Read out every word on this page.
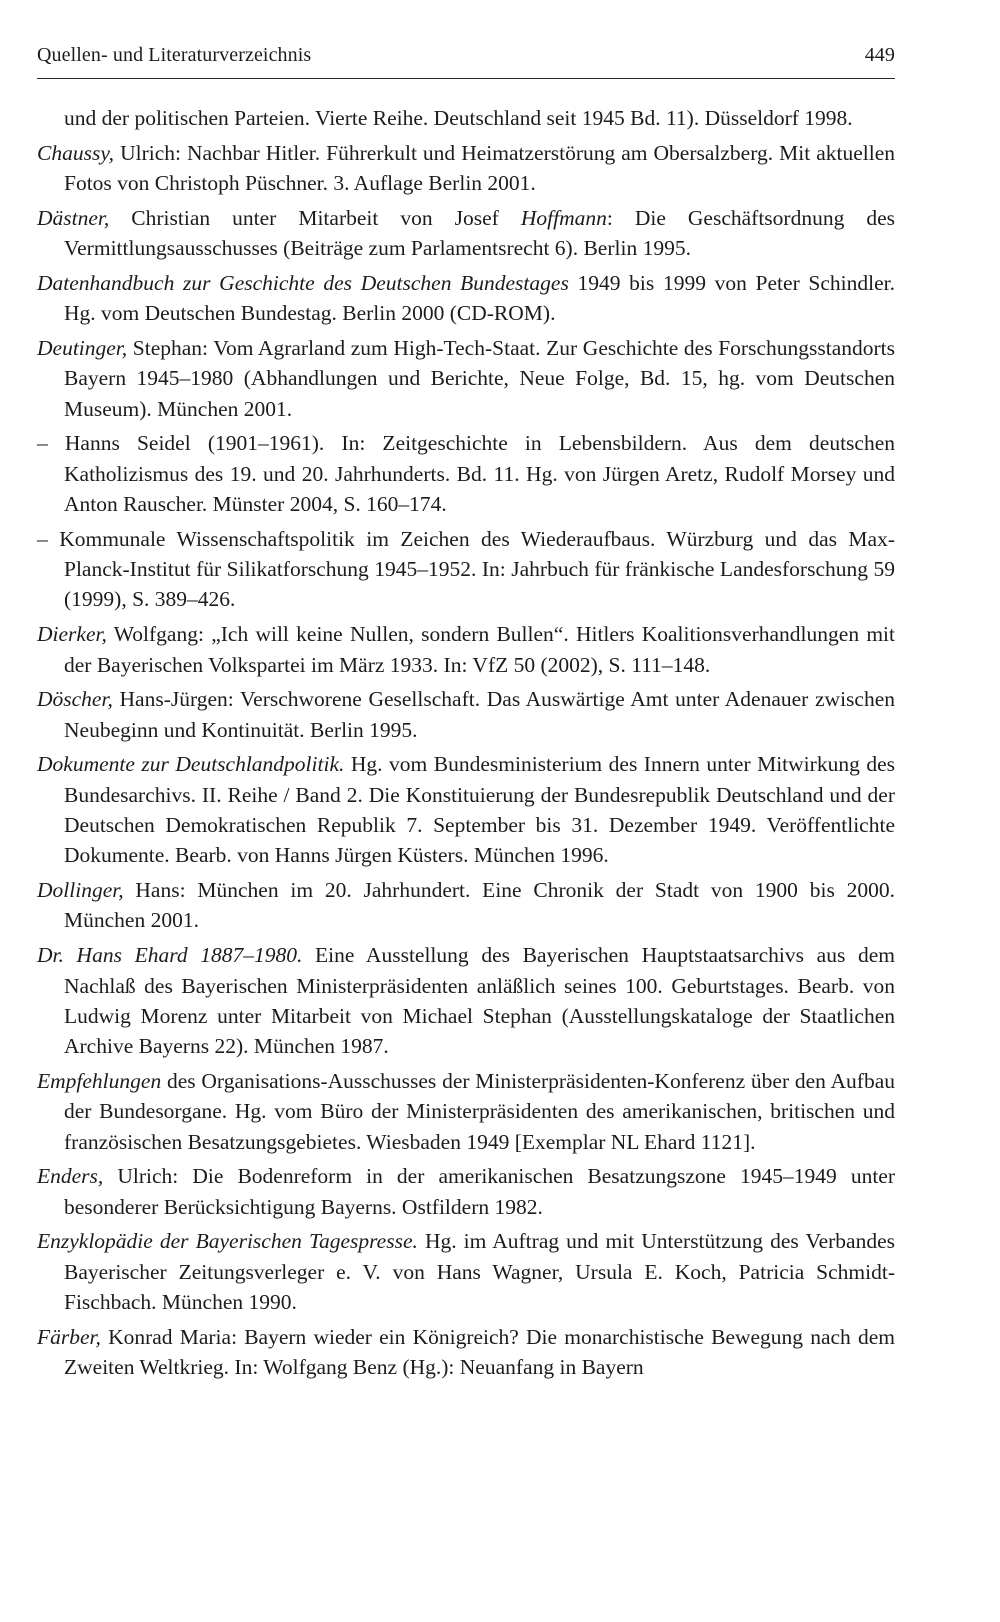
Quellen- und Literaturverzeichnis	449

und der politischen Parteien. Vierte Reihe. Deutschland seit 1945 Bd. 11). Düsseldorf 1998.

Chaussy, Ulrich: Nachbar Hitler. Führerkult und Heimatzerstörung am Obersalzberg. Mit aktuellen Fotos von Christoph Püschner. 3. Auflage Berlin 2001.

Dästner, Christian unter Mitarbeit von Josef Hoffmann: Die Geschäftsordnung des Vermittlungsausschusses (Beiträge zum Parlamentsrecht 6). Berlin 1995.

Datenhandbuch zur Geschichte des Deutschen Bundestages 1949 bis 1999 von Peter Schindler. Hg. vom Deutschen Bundestag. Berlin 2000 (CD-ROM).

Deutinger, Stephan: Vom Agrarland zum High-Tech-Staat. Zur Geschichte des Forschungsstandorts Bayern 1945–1980 (Abhandlungen und Berichte, Neue Folge, Bd. 15, hg. vom Deutschen Museum). München 2001.

– Hanns Seidel (1901–1961). In: Zeitgeschichte in Lebensbildern. Aus dem deutschen Katholizismus des 19. und 20. Jahrhunderts. Bd. 11. Hg. von Jürgen Aretz, Rudolf Morsey und Anton Rauscher. Münster 2004, S. 160–174.

– Kommunale Wissenschaftspolitik im Zeichen des Wiederaufbaus. Würzburg und das Max-Planck-Institut für Silikatforschung 1945–1952. In: Jahrbuch für fränkische Landesforschung 59 (1999), S. 389–426.

Dierker, Wolfgang: „Ich will keine Nullen, sondern Bullen“. Hitlers Koalitionsverhandlungen mit der Bayerischen Volkspartei im März 1933. In: VfZ 50 (2002), S. 111–148.

Döscher, Hans-Jürgen: Verschworene Gesellschaft. Das Auswärtige Amt unter Adenauer zwischen Neubeginn und Kontinuität. Berlin 1995.

Dokumente zur Deutschlandpolitik. Hg. vom Bundesministerium des Innern unter Mitwirkung des Bundesarchivs. II. Reihe / Band 2. Die Konstituierung der Bundesrepublik Deutschland und der Deutschen Demokratischen Republik 7. September bis 31. Dezember 1949. Veröffentlichte Dokumente. Bearb. von Hanns Jürgen Küsters. München 1996.

Dollinger, Hans: München im 20. Jahrhundert. Eine Chronik der Stadt von 1900 bis 2000. München 2001.

Dr. Hans Ehard 1887–1980. Eine Ausstellung des Bayerischen Hauptstaatsarchivs aus dem Nachlaß des Bayerischen Ministerpräsidenten anläßlich seines 100. Geburtstages. Bearb. von Ludwig Morenz unter Mitarbeit von Michael Stephan (Ausstellungskataloge der Staatlichen Archive Bayerns 22). München 1987.

Empfehlungen des Organisations-Ausschusses der Ministerpräsidenten-Konferenz über den Aufbau der Bundesorgane. Hg. vom Büro der Ministerpräsidenten des amerikanischen, britischen und französischen Besatzungsgebietes. Wiesbaden 1949 [Exemplar NL Ehard 1121].

Enders, Ulrich: Die Bodenreform in der amerikanischen Besatzungszone 1945–1949 unter besonderer Berücksichtigung Bayerns. Ostfildern 1982.

Enzyklopädie der Bayerischen Tagespresse. Hg. im Auftrag und mit Unterstützung des Verbandes Bayerischer Zeitungsverleger e. V. von Hans Wagner, Ursula E. Koch, Patricia Schmidt-Fischbach. München 1990.

Färber, Konrad Maria: Bayern wieder ein Königreich? Die monarchistische Bewegung nach dem Zweiten Weltkrieg. In: Wolfgang Benz (Hg.): Neuanfang in Bayern
